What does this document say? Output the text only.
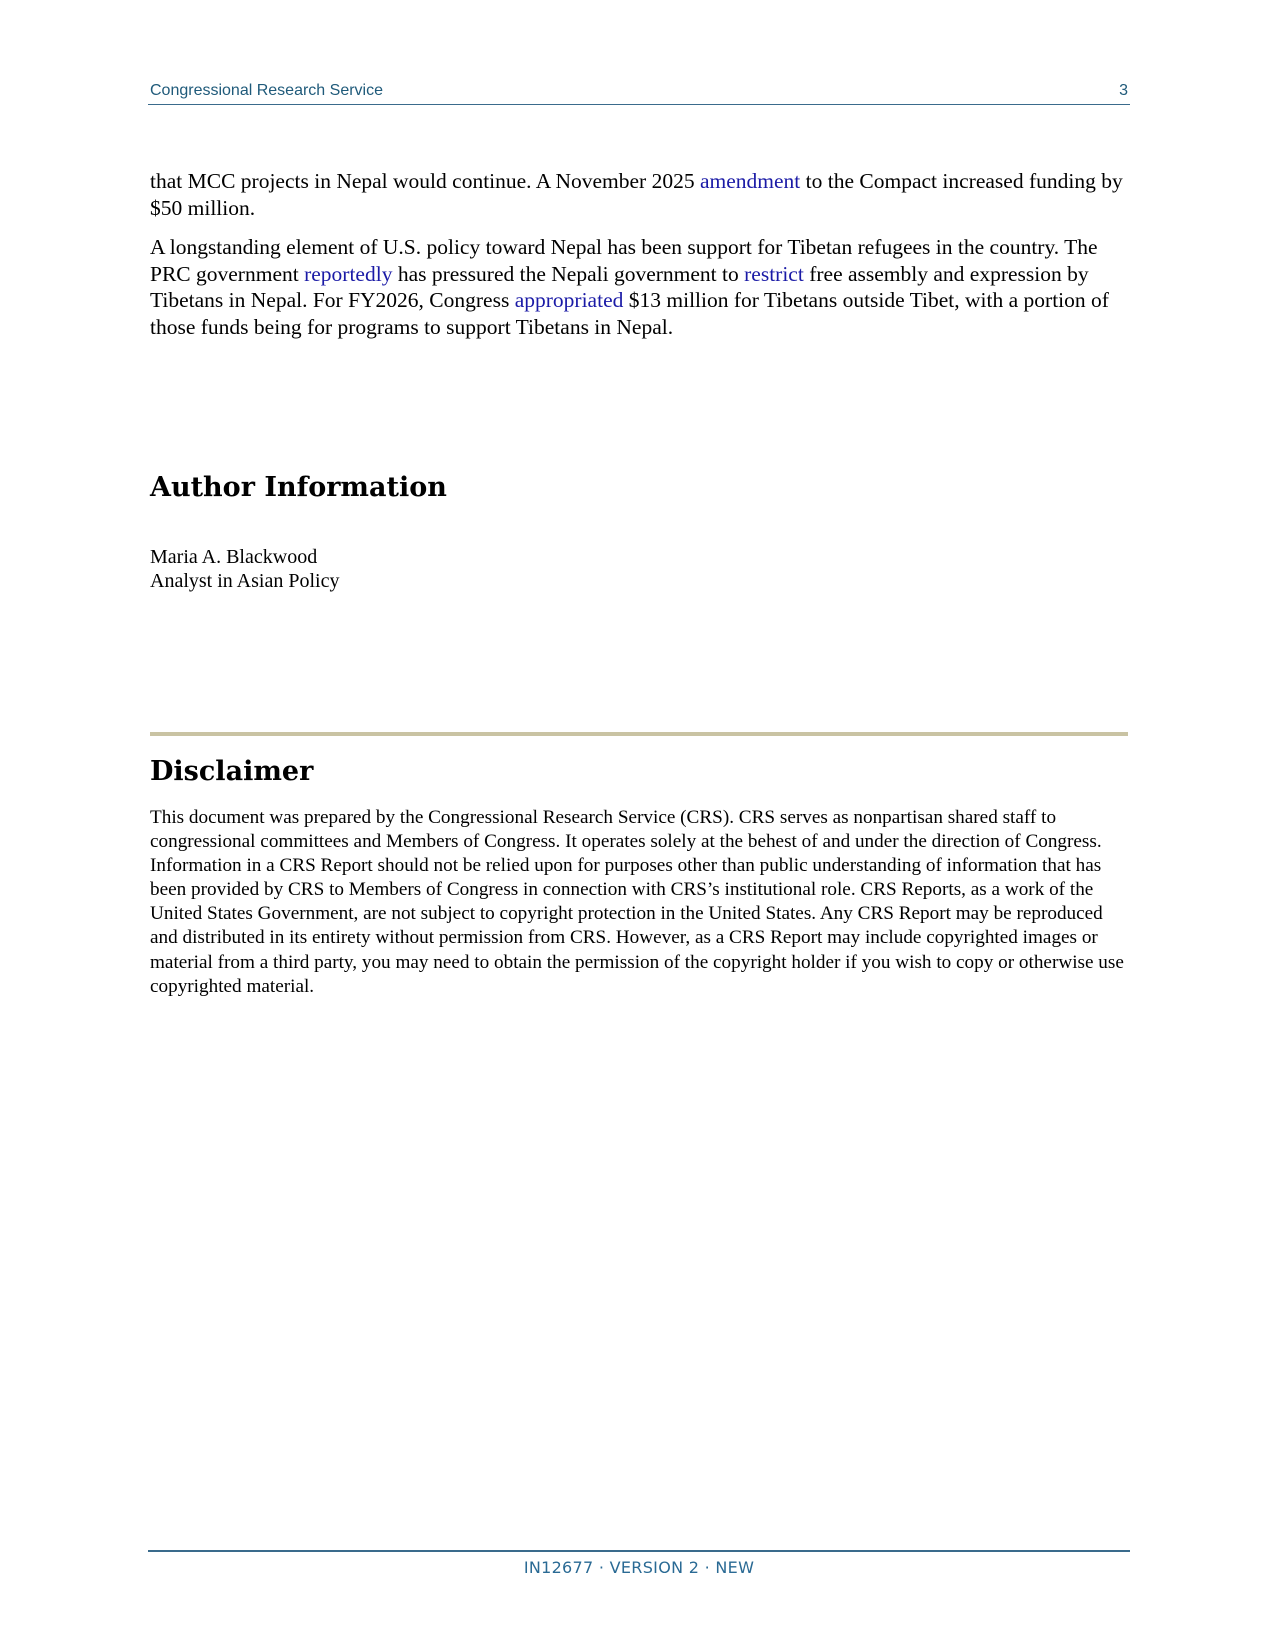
Congressional Research Service	3

that MCC projects in Nepal would continue. A November 2025 amendment to the Compact increased funding by $50 million.

A longstanding element of U.S. policy toward Nepal has been support for Tibetan refugees in the country. The PRC government reportedly has pressured the Nepali government to restrict free assembly and expression by Tibetans in Nepal. For FY2026, Congress appropriated $13 million for Tibetans outside Tibet, with a portion of those funds being for programs to support Tibetans in Nepal.

Author Information
Maria A. Blackwood
Analyst in Asian Policy
Disclaimer

This document was prepared by the Congressional Research Service (CRS). CRS serves as nonpartisan shared staff to congressional committees and Members of Congress. It operates solely at the behest of and under the direction of Congress. Information in a CRS Report should not be relied upon for purposes other than public understanding of information that has been provided by CRS to Members of Congress in connection with CRS’s institutional role. CRS Reports, as a work of the United States Government, are not subject to copyright protection in the United States. Any CRS Report may be reproduced and distributed in its entirety without permission from CRS. However, as a CRS Report may include copyrighted images or material from a third party, you may need to obtain the permission of the copyright holder if you wish to copy or otherwise use copyrighted material.

IN12677 · VERSION 2 · NEW
